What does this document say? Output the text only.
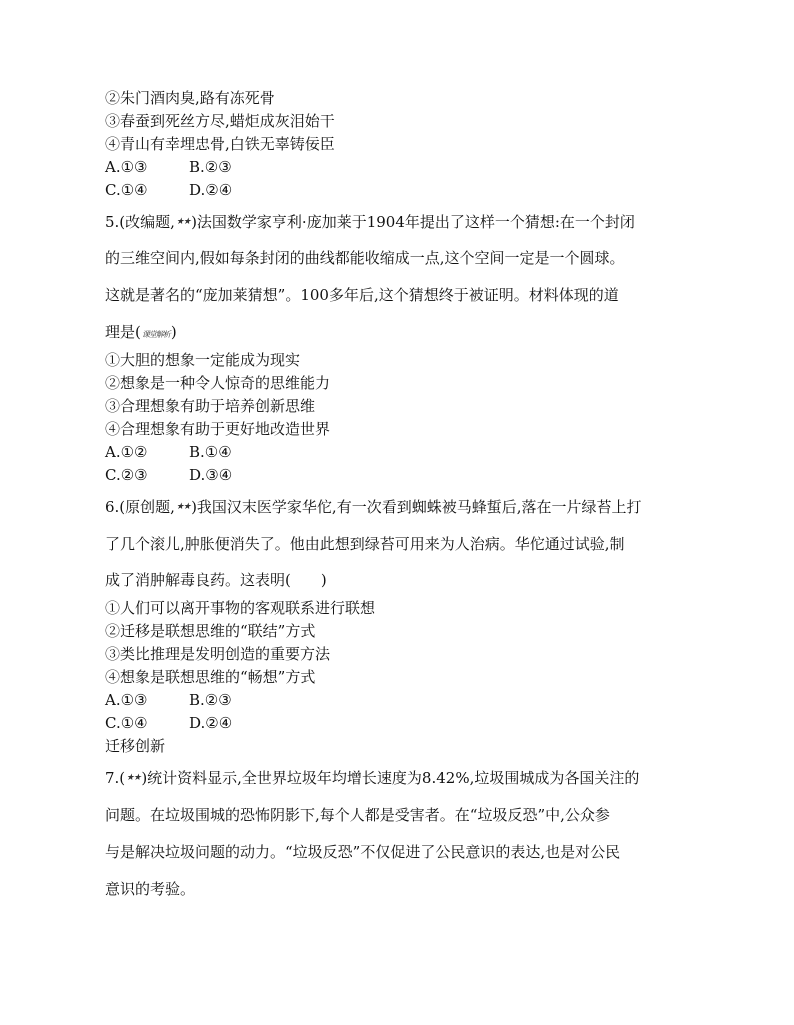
②朱门酒肉臭,路有冻死骨
③春蚕到死丝方尽,蜡炬成灰泪始干
④青山有幸埋忠骨,白铁无辜铸佞臣
A.①③	B.②③
C.①④	D.②④
5.(改编题,★★)法国数学家亨利·庞加莱于1904年提出了这样一个猜想:在一个封闭
的三维空间内,假如每条封闭的曲线都能收缩成一点,这个空间一定是一个圆球。
这就是著名的“庞加莱猜想”。100多年后,这个猜想终于被证明。材料体现的道
理是(课堂解析)
①大胆的想象一定能成为现实
②想象是一种令人惊奇的思维能力
③合理想象有助于培养创新思维
④合理想象有助于更好地改造世界
A.①②	B.①④
C.②③	D.③④
6.(原创题,★★)我国汉末医学家华佗,有一次看到蜘蛛被马蜂蜇后,落在一片绿苔上打
了几个滚儿,肿胀便消失了。他由此想到绿苔可用来为人治病。华佗通过试验,制
成了消肿解毒良药。这表明(　　)
①人们可以离开事物的客观联系进行联想
②迁移是联想思维的“联结”方式
③类比推理是发明创造的重要方法
④想象是联想思维的“畅想”方式
A.①③	B.②③
C.①④	D.②④
迁移创新
7.(★★)统计资料显示,全世界垃圾年均增长速度为8.42%,垃圾围城成为各国关注的
问题。在垃圾围城的恐怖阴影下,每个人都是受害者。在“垃圾反恐”中,公众参
与是解决垃圾问题的动力。“垃圾反恐”不仅促进了公民意识的表达,也是对公民
意识的考验。
